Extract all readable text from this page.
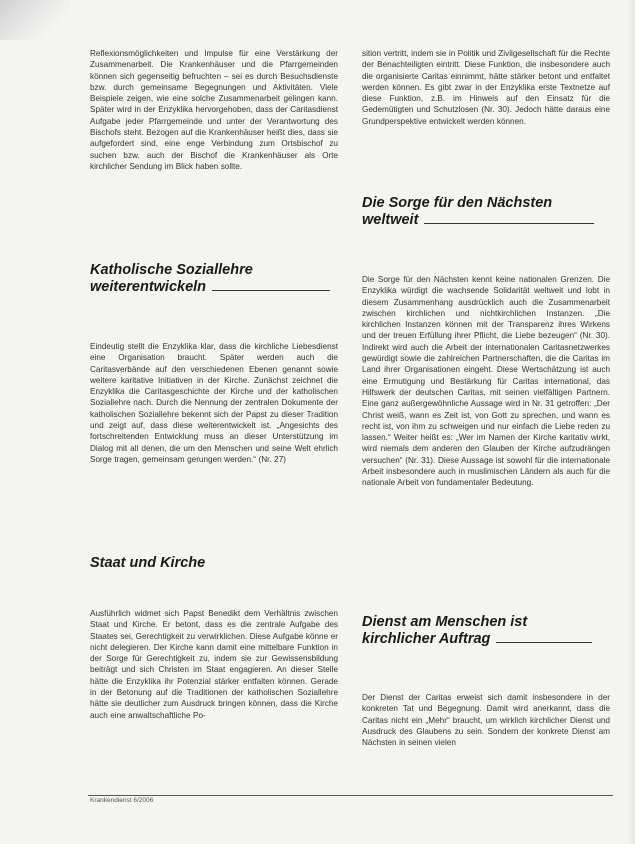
Reflexionsmöglichkeiten und Impulse für eine Verstärkung der Zusammenarbeit. Die Krankenhäuser und die Pfarrgemeinden können sich gegenseitig befruchten – sei es durch Besuchsdienste bzw. durch gemeinsame Begegnungen und Aktivitäten. Viele Beispiele zeigen, wie eine solche Zusammenarbeit gelingen kann. Später wird in der Enzyklika hervorgehoben, dass der Caritasdienst Aufgabe jeder Pfarrgemeinde und unter der Verantwortung des Bischofs steht. Bezogen auf die Krankenhäuser heißt dies, dass sie aufgefordert sind, eine enge Verbindung zum Ortsbischof zu suchen bzw. auch der Bischof die Krankenhäuser als Orte kirchlicher Sendung im Blick haben sollte.

Katholische Soziallehre
weiterentwickeln

Eindeutig stellt die Enzyklika klar, dass die kirchliche Liebesdienst eine Organisation braucht. Später werden auch die Caritasverbände auf den verschiedenen Ebenen genannt sowie weitere karitative Initiativen in der Kirche. Zunächst zeichnet die Enzyklika die Caritasgeschichte der Kirche und der katholischen Soziallehre nach. Durch die Nennung der zentralen Dokumente der katholischen Soziallehre bekennt sich der Papst zu dieser Tradition und zeigt auf, dass diese weiterentwickelt ist. „Angesichts des fortschreitenden Entwicklung muss an dieser Unterstützung im Dialog mit all denen, die um den Menschen und seine Welt ehrlich Sorge tragen, gemeinsam gerungen werden.“ (Nr. 27)

Staat und Kirche

Ausführlich widmet sich Papst Benedikt dem Verhältnis zwischen Staat und Kirche. Er betont, dass es die zentrale Aufgabe des Staates sei, Gerechtigkeit zu verwirklichen. Diese Aufgabe könne er nicht delegieren. Der Kirche kann damit eine mittelbare Funktion in der Sorge für Gerechtigkeit zu, indem sie zur Gewissensbildung beiträgt und sich Christen im Staat engagieren. An dieser Stelle hätte die Enzyklika ihr Potenzial stärker entfalten können. Gerade in der Betonung auf die Traditionen der katholischen Soziallehre hätte sie deutlicher zum Ausdruck bringen können, dass die Kirche auch eine anwaltschaftliche Po-

sition vertritt, indem sie in Politik und Zivilgesellschaft für die Rechte der Benachteiligten eintritt. Diese Funktion, die insbesondere auch die organisierte Caritas einnimmt, hätte stärker betont und entfaltet werden können. Es gibt zwar in der Enzyklika erste Textnetze auf diese Funktion, z.B. im Hinweis auf den Einsatz für die Gedemütigten und Schutzlosen (Nr. 30). Jedoch hätte daraus eine Grundperspektive entwickelt werden können.

Die Sorge für den Nächsten
weltweit

Die Sorge für den Nächsten kennt keine nationalen Grenzen. Die Enzyklika würdigt die wachsende Solidarität weltweit und lobt in diesem Zusammenhang ausdrücklich auch die Zusammenarbeit zwischen kirchlichen und nichtkirchlichen Instanzen. „Die kirchlichen Instanzen können mit der Transparenz ihres Wirkens und der treuen Erfüllung ihrer Pflicht, die Liebe bezeugen“ (Nr. 30). Indirekt wird auch die Arbeit der internationalen Caritasnetzwerkes gewürdigt sowie die zahlreichen Partnerschaften, die die Caritas im Land ihrer Organisationen eingeht. Diese Wertschätzung ist auch eine Ermutigung und Bestärkung für Caritas international, das Hilfswerk der deutschen Caritas, mit seinen vielfältigen Partnern. Eine ganz außergewöhnliche Aussage wird in Nr. 31 getroffen: „Der Christ weiß, wann es Zeit ist, von Gott zu sprechen, und wann es recht ist, von ihm zu schweigen und nur einfach die Liebe reden zu lassen.“ Weiter heißt es: „Wer im Namen der Kirche karitativ wirkt, wird niemals dem anderen den Glauben der Kirche aufzudrängen versuchen“ (Nr. 31). Diese Aussage ist sowohl für die internationale Arbeit insbesondere auch in muslimischen Ländern als auch für die nationale Arbeit von fundamentaler Bedeutung.

Dienst am Menschen ist
kirchlicher Auftrag

Der Dienst der Caritas erweist sich damit insbesondere in der konkreten Tat und Begegnung. Damit wird anerkannt, dass die Caritas nicht ein „Mehr“ braucht, um wirklich kirchlicher Dienst und Ausdruck des Glaubens zu sein. Sondern der konkrete Dienst am Nächsten in seinen vielen

Krankendienst 6/2006
